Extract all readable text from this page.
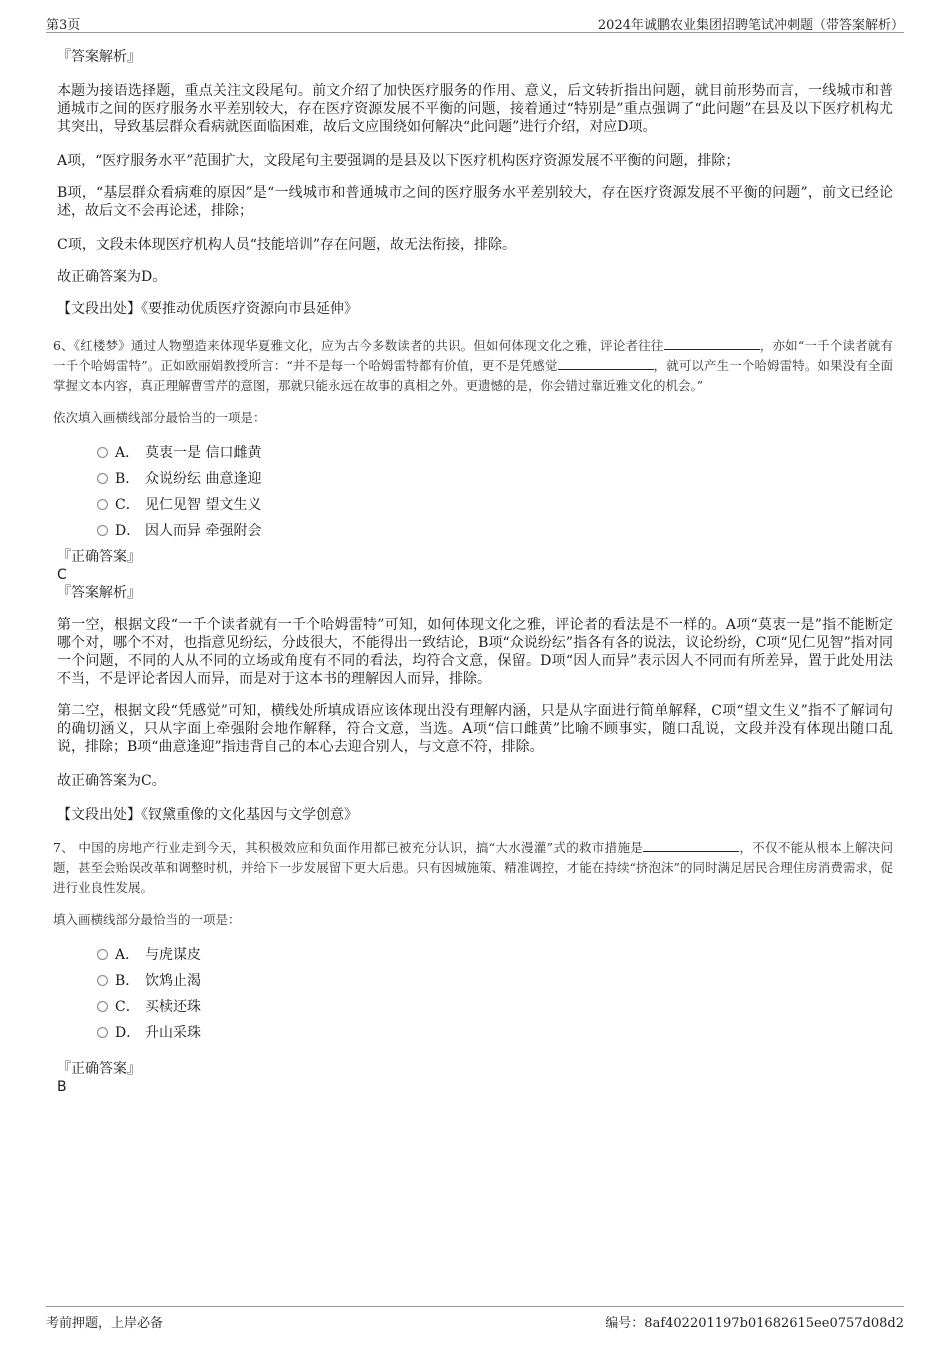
第3页	2024年诚鹏农业集团招聘笔试冲刺题（带答案解析）

『答案解析』

本题为接语选择题，重点关注文段尾句。前文介绍了加快医疗服务的作用、意义，后文转折指出问题，就目前形势而言，一线城市和普通城市之间的医疗服务水平差别较大，存在医疗资源发展不平衡的问题，接着通过“特别是”重点强调了“此问题”在县及以下医疗机构尤其突出，导致基层群众看病就医面临困难，故后文应围绕如何解决“此问题”进行介绍，对应D项。

A项，“医疗服务水平”范围扩大，文段尾句主要强调的是县及以下医疗机构医疗资源发展不平衡的问题，排除；

B项，“基层群众看病难的原因”是“一线城市和普通城市之间的医疗服务水平差别较大，存在医疗资源发展不平衡的问题”，前文已经论述，故后文不会再论述，排除；

C项，文段未体现医疗机构人员“技能培训”存在问题，故无法衔接，排除。

故正确答案为D。

【文段出处】《要推动优质医疗资源向市县延伸》

6、《红楼梦》通过人物塑造来体现华夏雅文化，应为古今多数读者的共识。但如何体现文化之雅，评论者往往	，亦如“一千个读者就有一千个哈姆雷特”。正如欧丽娟教授所言：“并不是每一个哈姆雷特都有价值，更不是凭感觉	，就可以产生一个哈姆雷特。如果没有全面掌握文本内容，真正理解曹雪芹的意图，那就只能永远在故事的真相之外。更遗憾的是，你会错过靠近雅文化的机会。”

依次填入画横线部分最恰当的一项是：

A． 莫衷一是 信口雌黄
B． 众说纷纭 曲意逢迎
C． 见仁见智 望文生义
D． 因人而异 牵强附会

『正确答案』

C

『答案解析』

第一空，根据文段“一千个读者就有一千个哈姆雷特”可知，如何体现文化之雅，评论者的看法是不一样的。A项“莫衷一是”指不能断定哪个对，哪个不对，也指意见纷纭，分歧很大，不能得出一致结论，B项“众说纷纭”指各有各的说法，议论纷纷，C项“见仁见智”指对同一个问题，不同的人从不同的立场或角度有不同的看法，均符合文意，保留。D项“因人而异”表示因人不同而有所差异，置于此处用法不当，不是评论者因人而异，而是对于这本书的理解因人而异，排除。

第二空，根据文段“凭感觉”可知，横线处所填成语应该体现出没有理解内涵，只是从字面进行简单解释，C项“望文生义”指不了解词句的确切涵义，只从字面上牵强附会地作解释，符合文意，当选。A项“信口雌黄”比喻不顾事实，随口乱说，文段并没有体现出随口乱说，排除；B项“曲意逢迎”指违背自己的本心去迎合别人，与文意不符，排除。

故正确答案为C。

【文段出处】《钗黛重像的文化基因与文学创意》

7、 中国的房地产行业走到今天，其积极效应和负面作用都已被充分认识，搞“大水漫灌”式的救市措施是	，不仅不能从根本上解决问题，甚至会贻误改革和调整时机，并给下一步发展留下更大后患。只有因城施策、精准调控，才能在持续“挤泡沫”的同时满足居民合理住房消费需求，促进行业良性发展。

填入画横线部分最恰当的一项是：

A． 与虎谋皮
B． 饮鸩止渴
C． 买椟还珠
D． 升山采珠

『正确答案』

B

考前押题，上岸必备	编号：8af402201197b01682615ee0757d08d2
